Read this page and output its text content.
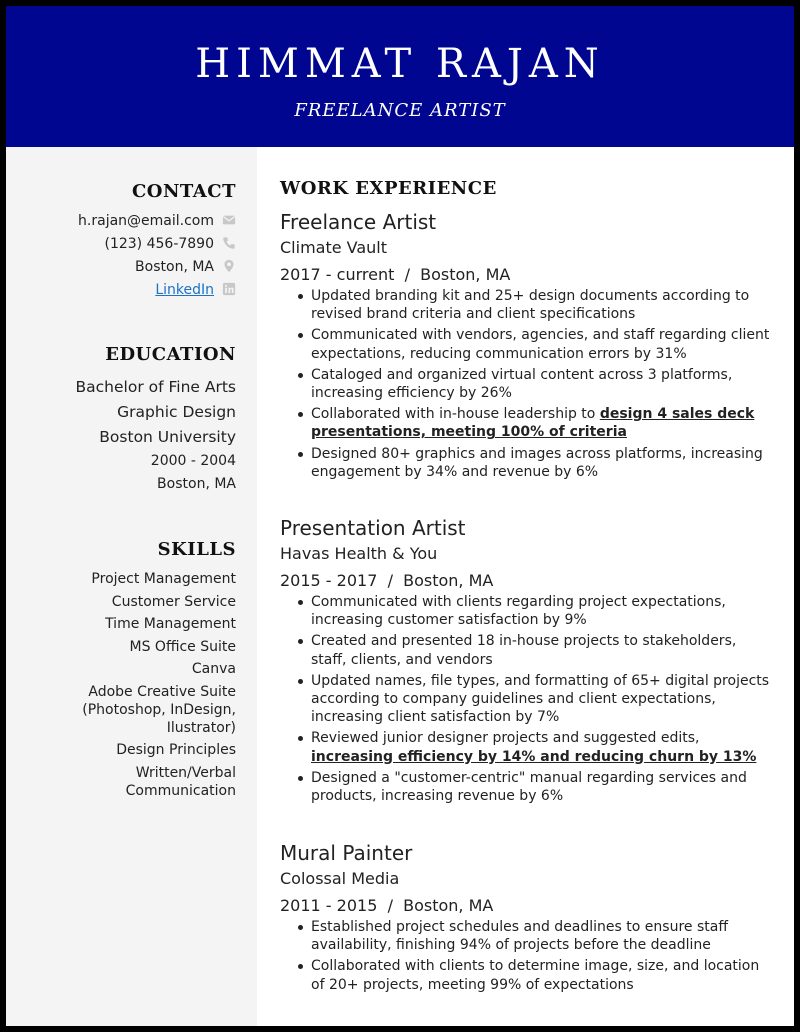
HIMMAT RAJAN
FREELANCE ARTIST
CONTACT
h.rajan@email.com
(123) 456-7890
Boston, MA
LinkedIn
EDUCATION
Bachelor of Fine Arts
Graphic Design
Boston University
2000 - 2004
Boston, MA
SKILLS
Project Management
Customer Service
Time Management
MS Office Suite
Canva
Adobe Creative Suite (Photoshop, InDesign, Ilustrator)
Design Principles
Written/Verbal Communication
WORK EXPERIENCE
Freelance Artist
Climate Vault
2017 - current / Boston, MA
Updated branding kit and 25+ design documents according to revised brand criteria and client specifications
Communicated with vendors, agencies, and staff regarding client expectations, reducing communication errors by 31%
Cataloged and organized virtual content across 3 platforms, increasing efficiency by 26%
Collaborated with in-house leadership to design 4 sales deck presentations, meeting 100% of criteria
Designed 80+ graphics and images across platforms, increasing engagement by 34% and revenue by 6%
Presentation Artist
Havas Health & You
2015 - 2017 / Boston, MA
Communicated with clients regarding project expectations, increasing customer satisfaction by 9%
Created and presented 18 in-house projects to stakeholders, staff, clients, and vendors
Updated names, file types, and formatting of 65+ digital projects according to company guidelines and client expectations, increasing client satisfaction by 7%
Reviewed junior designer projects and suggested edits, increasing efficiency by 14% and reducing churn by 13%
Designed a "customer-centric" manual regarding services and products, increasing revenue by 6%
Mural Painter
Colossal Media
2011 - 2015 / Boston, MA
Established project schedules and deadlines to ensure staff availability, finishing 94% of projects before the deadline
Collaborated with clients to determine image, size, and location of 20+ projects, meeting 99% of expectations
